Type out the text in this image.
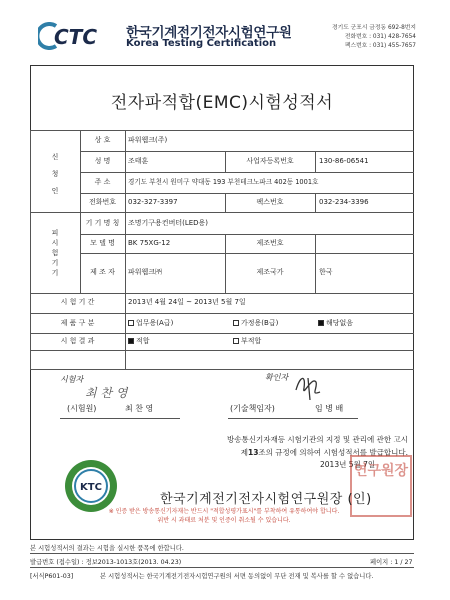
CTC 한국기계전기전자시험연구원
Korea Testing Certification
경기도 군포시 금정동 692-8번지
전화번호 : 031) 428-7654
팩스번호 : 031) 455-7657
전자파적합(EMC)시험성적서
신
청
인
상 호	파워웹크(주)
성 명	조태훈	사업자등록번호	130-86-06541
주 소	경기도 부천시 원미구 약대동 193 부천테크노파크 402동 1001호
전화번호	032-327-3397	팩스번호	032-234-3396
피
시
험
기
기
기 기 명 칭	조명기구용컨버터(LED용)
모 델 명	BK 75XG-12	제조번호
제 조 자	파워웹크㈜	제조국가	한국
시 험 기 간	2013년 4월 24일 ~ 2013년 5월 7일
제 품 구 분	업무용(A급)	가정용(B급)	해당없음
시 험 결 과	적합	부적합
시험자
최 찬 영
(시험원)	최 찬 영
확인자
(기술책임자)	임 병 배
방송통신기자재등 시험기관의 지정 및 관리에 관한 고시
제13조의 규정에 의하여 시험성적서를 발급합니다.
2013년 5월 7일
KTC
연구원장
한국기계전기전자시험연구원장 (인)
※ 인증 받은 방송통신기자재는 반드시 "적합성평가표시"를 부착하여 유통하여야 합니다.
위반 시 과태료 처분 및 인증이 취소될 수 있습니다.
본 시험성적서의 결과는 시험을 실시한 품목에 한합니다.
발급번호 (접수일) : 정보2013-1013호(2013. 04.23)	페이지 : 1 / 27
[서식P601-03]	본 시험성적서는 한국기계전기전자시험연구원의 서면 동의없이 무단 전재 및 복사를 할 수 없습니다.
